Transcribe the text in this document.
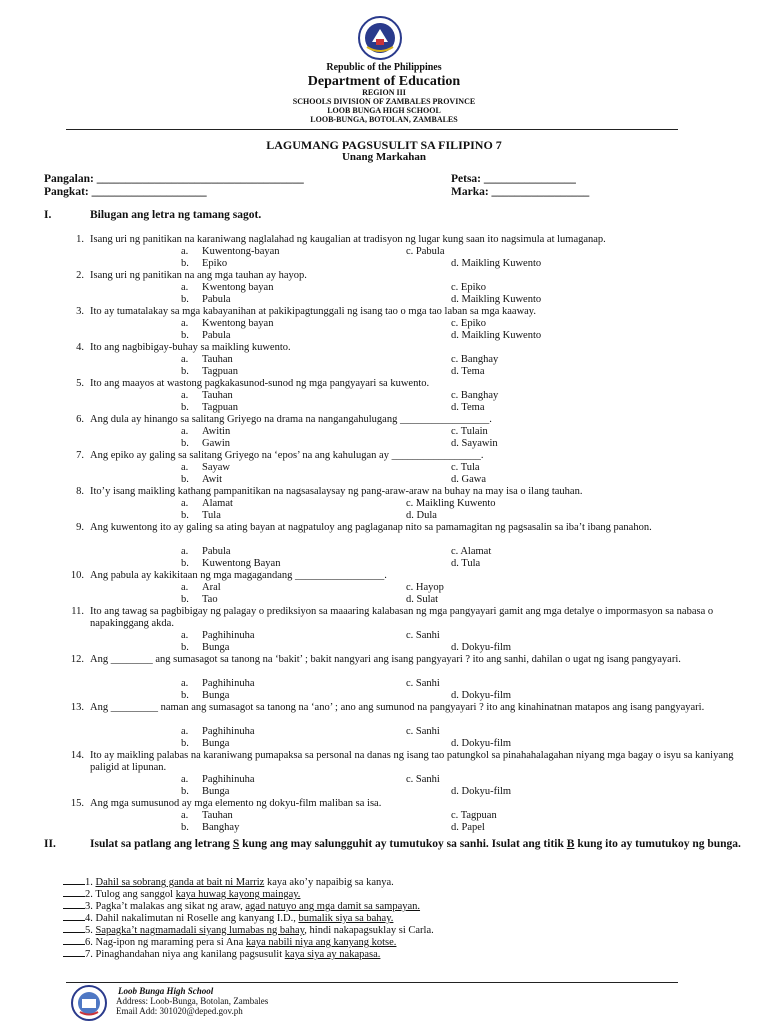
Republic of the Philippines
Department of Education
REGION III
SCHOOLS DIVISION OF ZAMBALES PROVINCE
LOOB BUNGA HIGH SCHOOL
LOOB-BUNGA, BOTOLAN, ZAMBALES
LAGUMANG PAGSUSULIT SA FILIPINO 7
Unang Markahan
Pangalan: ____________________________________
Pangkat: ____________________
Petsa: ________________
Marka: _________________
I.	Bilugan ang letra ng tamang sagot.
1. Isang uri ng panitikan na karaniwang naglalahad ng kaugalian at tradisyon ng lugar kung saan ito nagsimula at lumaganap.
a. Kuwentong-bayan
b. Epiko
c. Pabula
d. Maikling Kuwento
2. Isang uri ng panitikan na ang mga tauhan ay hayop.
a. Kwentong bayan
b. Pabula
c. Epiko
d. Maikling Kuwento
3. Ito ay tumatalakay sa mga kabayanihan at pakikipagtunggali ng isang tao o mga tao laban sa mga kaaway.
a. Kwentong bayan
b. Pabula
c. Epiko
d. Maikling Kuwento
4. Ito ang nagbibigay-buhay sa maikling kuwento.
a. Tauhan
b. Tagpuan
c. Banghay
d. Tema
5. Ito ang maayos at wastong pagkakasunod-sunod ng mga pangyayari sa kuwento.
a. Tauhan
b. Tagpuan
c. Banghay
d. Tema
6. Ang dula ay hinango sa salitang Griyego na drama na nangangahulugang _________________.
a. Awitin
b. Gawin
c. Tulain
d. Sayawin
7. Ang epiko ay galing sa salitang Griyego na ‘epos’ na ang kahulugan ay _________________.
a. Sayaw
b. Awit
c. Tula
d. Gawa
8. Ito’y isang maikling kathang pampanitikan na nagsasalaysay ng pang-araw-araw na buhay na may isa o ilang tauhan.
a. Alamat
b. Tula
c. Maikling Kuwento
d. Dula
9. Ang kuwentong ito ay galing sa ating bayan at nagpatuloy ang paglaganap nito sa pamamagitan ng pagsasalin sa iba’t ibang panahon.
a. Pabula
b. Kuwentong Bayan
c. Alamat
d. Tula
10. Ang pabula ay kakikitaan ng mga magagandang _________________.
a. Aral
b. Tao
c. Hayop
d. Sulat
11. Ito ang tawag sa pagbibigay ng palagay o prediksiyon sa maaaring kalabasan ng mga pangyayari gamit ang mga detalye o impormasyon sa nabasa o napakinggang akda.
a. Paghihinuha
b. Bunga
c. Sanhi
d. Dokyu-film
12. Ang ________ ang sumasagot sa tanong na ‘bakit’ ; bakit nangyari ang isang pangyayari ? ito ang sanhi, dahilan o ugat ng isang pangyayari.
a. Paghihinuha
b. Bunga
c. Sanhi
d. Dokyu-film
13. Ang _________ naman ang sumasagot sa tanong na ‘ano’ ; ano ang sumunod na pangyayari ? ito ang kinahinatnan matapos ang isang pangyayari.
a. Paghihinuha
b. Bunga
c. Sanhi
d. Dokyu-film
14. Ito ay maikling palabas na karaniwang pumapaksa sa personal na danas ng isang tao patungkol sa pinahahalagahan niyang mga bagay o isyu sa kaniyang paligid at lipunan.
a. Paghihinuha
b. Bunga
c. Sanhi
d. Dokyu-film
15. Ang mga sumusunod ay mga elemento ng dokyu-film maliban sa isa.
a. Tauhan
b. Banghay
c. Tagpuan
d. Papel
II.	Isulat sa patlang ang letrang S kung ang may salungguhit ay tumutukoy sa sanhi. Isulat ang titik B kung ito ay tumutukoy ng bunga.
1. Dahil sa sobrang ganda at bait ni Marriz kaya ako’y napaibig sa kanya.
2. Tulog ang sanggol kaya huwag kayong maingay.
3. Pagka’t malakas ang sikat ng araw, agad natuyo ang mga damit sa sampayan.
4. Dahil nakalimutan ni Roselle ang kanyang I.D., bumalik siya sa bahay.
5. Sapagka’t nagmamadali siyang lumabas ng bahay, hindi nakapagsuklay si Carla.
6. Nag-ipon ng maraming pera si Ana kaya nabili niya ang kanyang kotse.
7. Pinaghandahan niya ang kanilang pagsusulit kaya siya ay nakapasa.
Loob Bunga High School
Address: Loob-Bunga, Botolan, Zambales
Email Add: 301020@deped.gov.ph
